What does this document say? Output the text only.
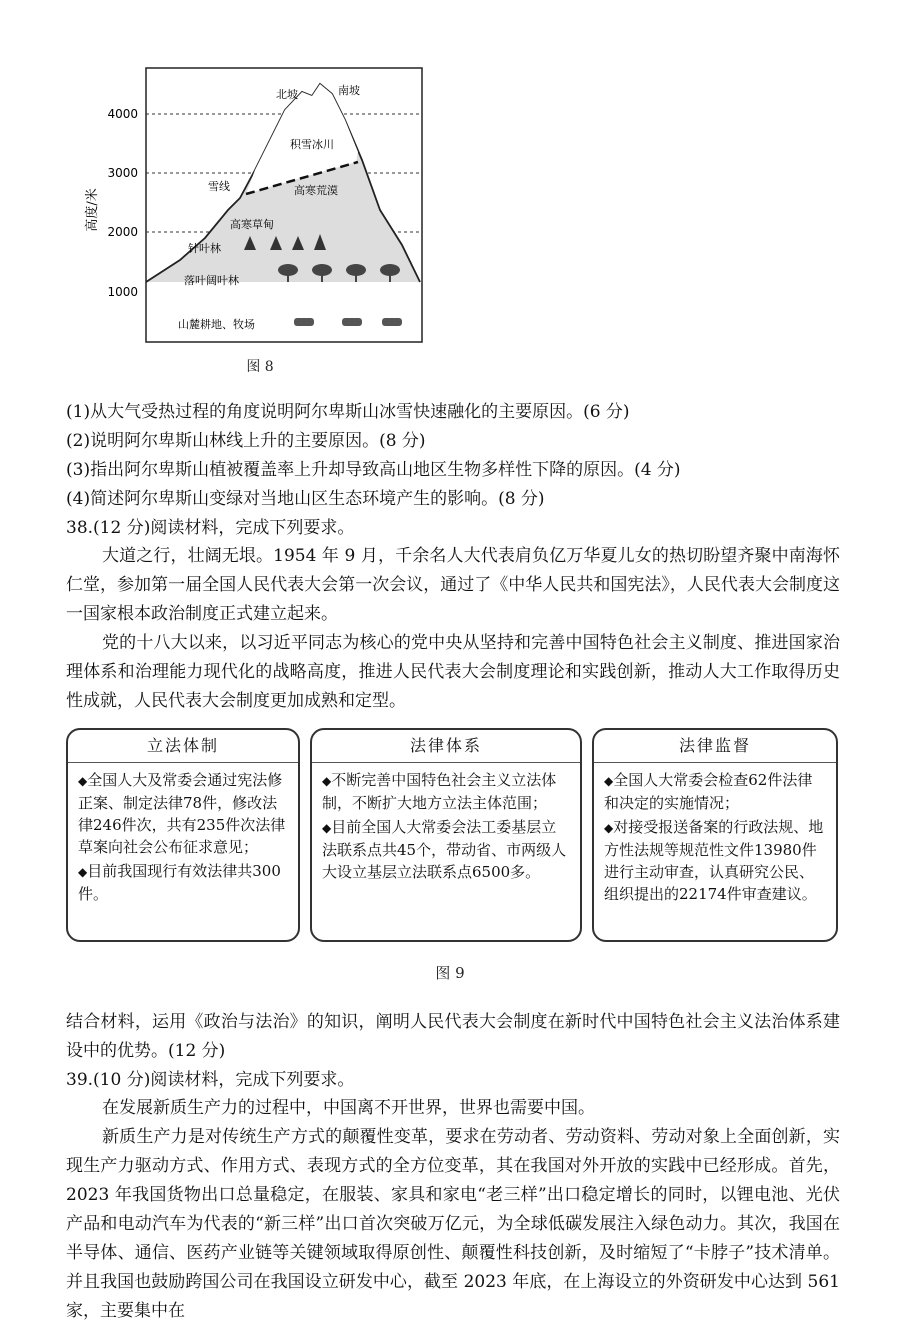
4000
3000
2000
1000
高度/米
北坡	南坡
积雪冰川
雪线	高寒荒漠
高寒草甸
针叶林
落叶阔叶林
山麓耕地、牧场
图 8
(1)从大气受热过程的角度说明阿尔卑斯山冰雪快速融化的主要原因。(6 分)
(2)说明阿尔卑斯山林线上升的主要原因。(8 分)
(3)指出阿尔卑斯山植被覆盖率上升却导致高山地区生物多样性下降的原因。(4 分)
(4)简述阿尔卑斯山变绿对当地山区生态环境产生的影响。(8 分)
38.(12 分)阅读材料，完成下列要求。
大道之行，壮阔无垠。1954 年 9 月，千余名人大代表肩负亿万华夏儿女的热切盼望齐聚中南海怀仁堂，参加第一届全国人民代表大会第一次会议，通过了《中华人民共和国宪法》，人民代表大会制度这一国家根本政治制度正式建立起来。
党的十八大以来，以习近平同志为核心的党中央从坚持和完善中国特色社会主义制度、推进国家治理体系和治理能力现代化的战略高度，推进人民代表大会制度理论和实践创新，推动人大工作取得历史性成就，人民代表大会制度更加成熟和定型。
立法体制
◆全国人大及常委会通过宪法修正案、制定法律78件，修改法律246件次，共有235件次法律草案向社会公布征求意见；
◆目前我国现行有效法律共300件。
法律体系
◆不断完善中国特色社会主义立法体制，不断扩大地方立法主体范围；
◆目前全国人大常委会法工委基层立法联系点共45个，带动省、市两级人大设立基层立法联系点6500多。
法律监督
◆全国人大常委会检查62件法律和决定的实施情况；
◆对接受报送备案的行政法规、地方性法规等规范性文件13980件进行主动审查，认真研究公民、组织提出的22174件审查建议。
图 9
结合材料，运用《政治与法治》的知识，阐明人民代表大会制度在新时代中国特色社会主义法治体系建设中的优势。(12 分)
39.(10 分)阅读材料，完成下列要求。
在发展新质生产力的过程中，中国离不开世界，世界也需要中国。
新质生产力是对传统生产方式的颠覆性变革，要求在劳动者、劳动资料、劳动对象上全面创新，实现生产力驱动方式、作用方式、表现方式的全方位变革，其在我国对外开放的实践中已经形成。首先，2023 年我国货物出口总量稳定，在服装、家具和家电“老三样”出口稳定增长的同时，以锂电池、光伏产品和电动汽车为代表的“新三样”出口首次突破万亿元，为全球低碳发展注入绿色动力。其次，我国在半导体、通信、医药产业链等关键领域取得原创性、颠覆性科技创新，及时缩短了“卡脖子”技术清单。并且我国也鼓励跨国公司在我国设立研发中心，截至 2023 年底，在上海设立的外资研发中心达到 561 家，主要集中在
